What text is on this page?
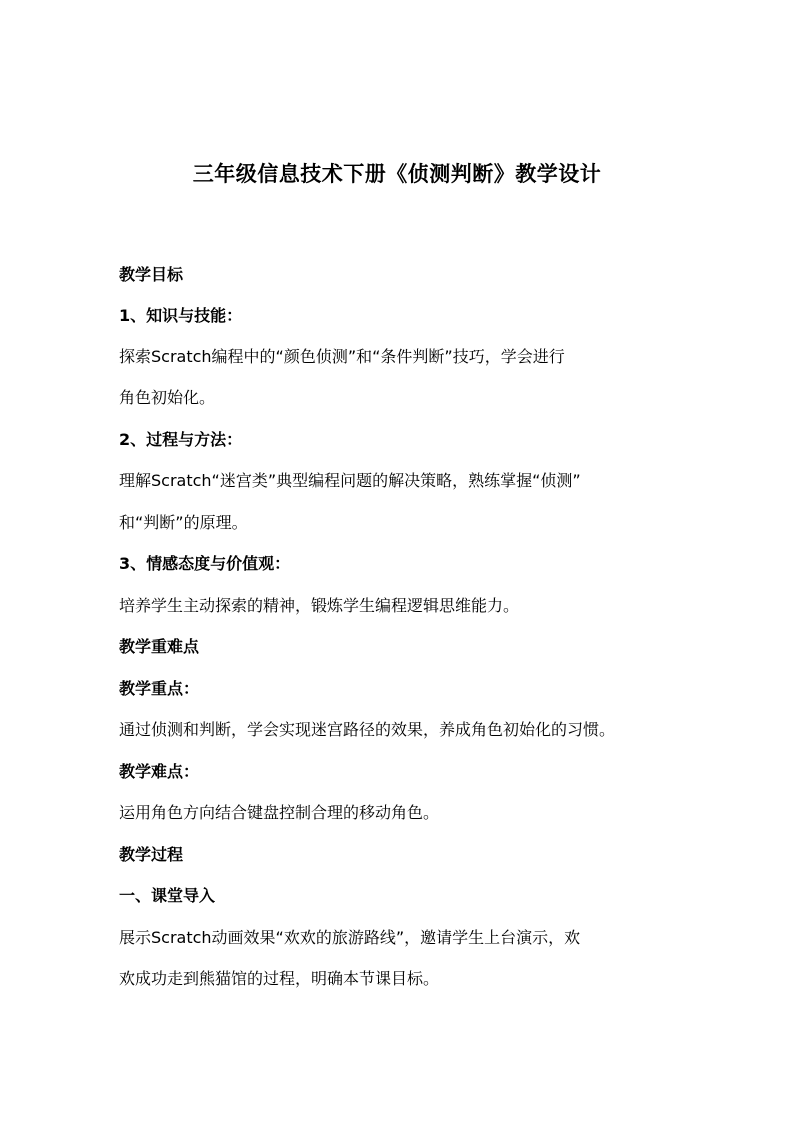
三年级信息技术下册《侦测判断》教学设计
教学目标
1、知识与技能：
探索Scratch编程中的“颜色侦测”和“条件判断”技巧，学会进行
角色初始化。
2、过程与方法：
理解Scratch“迷宫类”典型编程问题的解决策略，熟练掌握“侦测”
和“判断”的原理。
3、情感态度与价值观：
培养学生主动探索的精神，锻炼学生编程逻辑思维能力。
教学重难点
教学重点：
通过侦测和判断，学会实现迷宫路径的效果，养成角色初始化的习惯。
教学难点：
运用角色方向结合键盘控制合理的移动角色。
教学过程
一、课堂导入
展示Scratch动画效果“欢欢的旅游路线”，邀请学生上台演示，欢
欢成功走到熊猫馆的过程，明确本节课目标。
